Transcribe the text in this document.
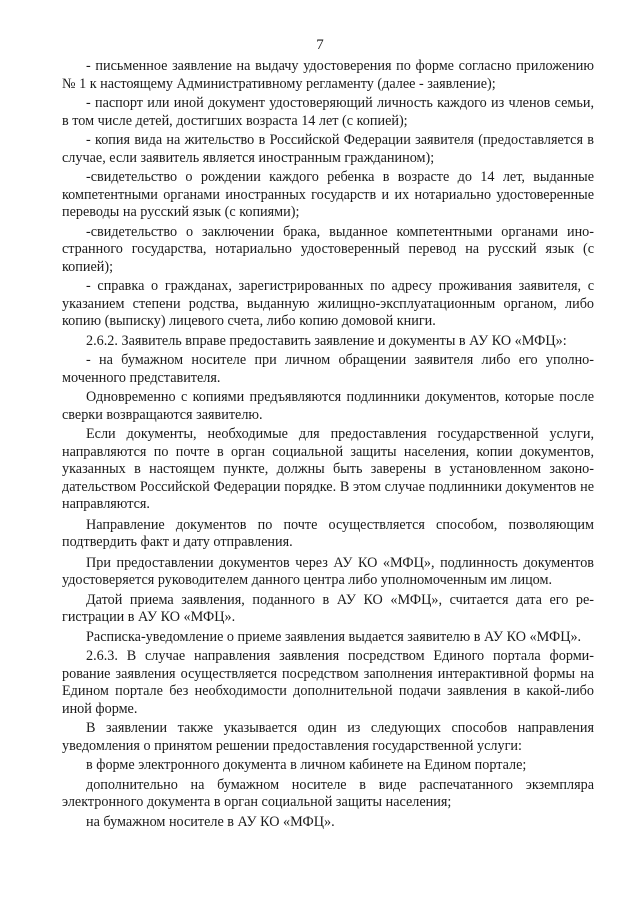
7

- письменное заявление на выдачу удостоверения по форме согласно приложению № 1 к настоящему Административному регламенту (далее - заявление);

- паспорт или иной документ удостоверяющий личность каждого из членов семьи, в том числе детей, достигших возраста 14 лет (с копией);

- копия вида на жительство в Российской Федерации заявителя (предоставляется в случае, если заявитель является иностранным гражданином);

-свидетельство о рождении каждого ребенка в возрасте до 14 лет, выданные компетентными органами иностранных государств и их нотариально удостоверенные переводы на русский язык (с копиями);

-свидетельство о заключении брака, выданное компетентными органами иностранного государства, нотариально удостоверенный перевод на русский язык (с копией);

- справка о гражданах, зарегистрированных по адресу проживания заявителя, с указанием степени родства, выданную жилищно-эксплуатационным органом, либо копию (выписку) лицевого счета, либо копию домовой книги.

2.6.2. Заявитель вправе предоставить заявление и документы в АУ КО «МФЦ»:

- на бумажном носителе при личном обращении заявителя либо его уполномоченного представителя.

Одновременно с копиями предъявляются подлинники документов, которые после сверки возвращаются заявителю.

Если документы, необходимые для предоставления государственной услуги, направляются по почте в орган социальной защиты населения, копии документов, указанных в настоящем пункте, должны быть заверены в установленном законодательством Российской Федерации порядке. В этом случае подлинники документов не направляются.

Направление документов по почте осуществляется способом, позволяющим подтвердить факт и дату отправления.

При предоставлении документов через АУ КО «МФЦ», подлинность документов удостоверяется руководителем данного центра либо уполномоченным им лицом.

Датой приема заявления, поданного в АУ КО «МФЦ», считается дата его регистрации в АУ КО «МФЦ».

Расписка-уведомление о приеме заявления выдается заявителю в АУ КО «МФЦ».

2.6.3. В случае направления заявления посредством Единого портала формирование заявления осуществляется посредством заполнения интерактивной формы на Едином портале без необходимости дополнительной подачи заявления в какой-либо иной форме.

В заявлении также указывается один из следующих способов направления уведомления о принятом решении предоставления государственной услуги:

в форме электронного документа в личном кабинете на Едином портале;

дополнительно на бумажном носителе в виде распечатанного экземпляра электронного документа в орган социальной защиты населения;

на бумажном носителе в АУ КО «МФЦ».
